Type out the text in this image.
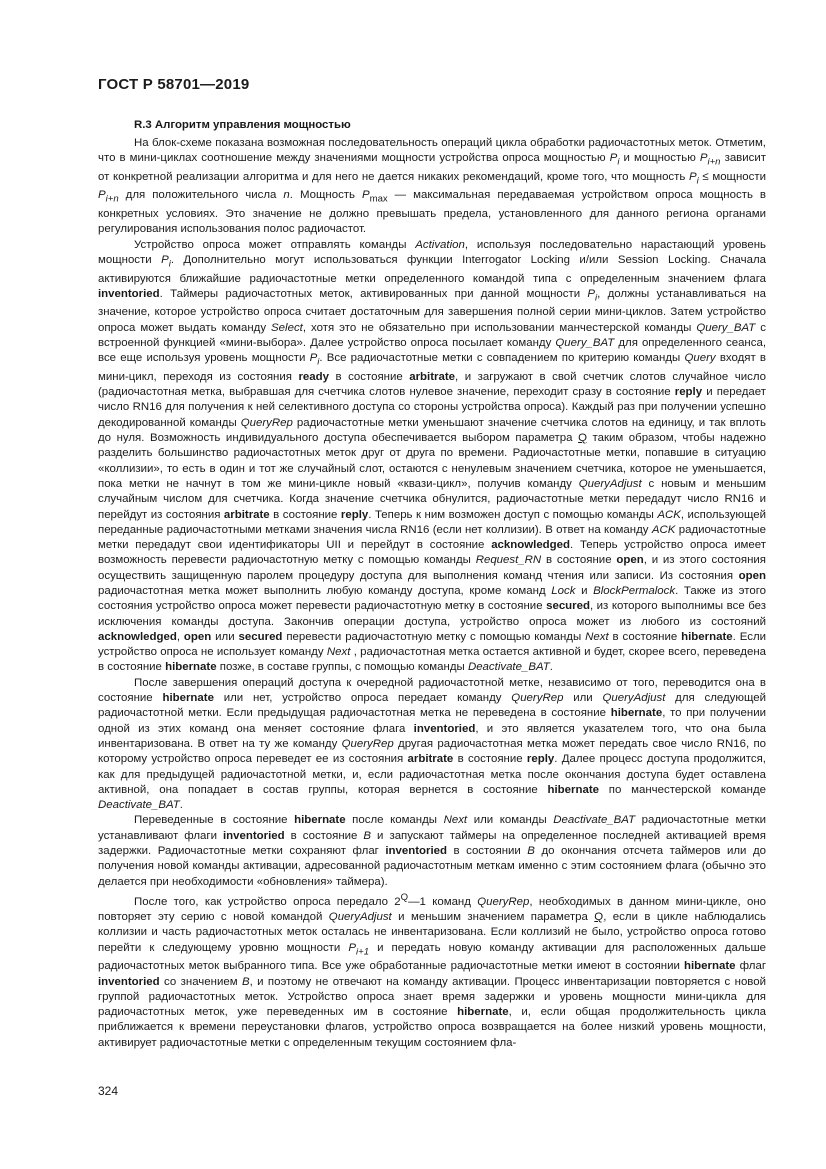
ГОСТ Р 58701—2019
R.3 Алгоритм управления мощностью

На блок-схеме показана возможная последовательность операций цикла обработки радиочастотных меток. Отметим, что в мини-циклах соотношение между значениями мощности устройства опроса мощностью $P_i$ и мощностью $P_{i+n}$ зависит от конкретной реализации алгоритма и для него не дается никаких рекомендаций, кроме того, что мощность $P_i$ ≤ мощности $P_{i+n}$ для положительного числа n. Мощность $P_{max}$ — максимальная передаваемая устройством опроса мощность в конкретных условиях. Это значение не должно превышать предела, установленного для данного региона органами регулирования использования полос радиочастот.

Устройство опроса может отправлять команды Activation, используя последовательно нарастающий уровень мощности $P_i$. Дополнительно могут использоваться функции Interrogator Locking и/или Session Locking. Сначала активируются ближайшие радиочастотные метки определенного командой типа с определенным значением флага inventoried. Таймеры радиочастотных меток, активированных при данной мощности $P_i$, должны устанавливаться на значение, которое устройство опроса считает достаточным для завершения полной серии мини-циклов. Затем устройство опроса может выдать команду Select, хотя это не обязательно при использовании манчестерской команды Query_BAT с встроенной функцией «мини-выбора». Далее устройство опроса посылает команду Query_BAT для определенного сеанса, все еще используя уровень мощности $P_i$. Все радиочастотные метки с совпадением по критерию команды Query входят в мини-цикл, переходя из состояния ready в состояние arbitrate, и загружают в свой счетчик слотов случайное число (радиочастотная метка, выбравшая для счетчика слотов нулевое значение, переходит сразу в состояние reply и передает число RN16 для получения к ней селективного доступа со стороны устройства опроса). Каждый раз при получении успешно декодированной команды QueryRep радиочастотные метки уменьшают значение счетчика слотов на единицу, и так вплоть до нуля. Возможность индивидуального доступа обеспечивается выбором параметра Q таким образом, чтобы надежно разделить большинство радиочастотных меток друг от друга по времени. Радиочастотные метки, попавшие в ситуацию «коллизии», то есть в один и тот же случайный слот, остаются с ненулевым значением счетчика, которое не уменьшается, пока метки не начнут в том же мини-цикле новый «квази-цикл», получив команду QueryAdjust с новым и меньшим случайным числом для счетчика. Когда значение счетчика обнулится, радиочастотные метки передадут число RN16 и перейдут из состояния arbitrate в состояние reply. Теперь к ним возможен доступ с помощью команды ACK, использующей переданные радиочастотными метками значения числа RN16 (если нет коллизии). В ответ на команду ACK радиочастотные метки передадут свои идентификаторы UII и перейдут в состояние acknowledged. Теперь устройство опроса имеет возможность перевести радиочастотную метку с помощью команды Request_RN в состояние open, и из этого состояния осуществить защищенную паролем процедуру доступа для выполнения команд чтения или записи. Из состояния open радиочастотная метка может выполнить любую команду доступа, кроме команд Lock и BlockPermalock. Также из этого состояния устройство опроса может перевести радиочастотную метку в состояние secured, из которого выполнимы все без исключения команды доступа. Закончив операции доступа, устройство опроса может из любого из состояний acknowledged, open или secured перевести радиочастотную метку с помощью команды Next в состояние hibernate. Если устройство опроса не использует команду Next , радиочастотная метка остается активной и будет, скорее всего, переведена в состояние hibernate позже, в составе группы, с помощью команды Deactivate_BAT.

После завершения операций доступа к очередной радиочастотной метке, независимо от того, переводится она в состояние hibernate или нет, устройство опроса передает команду QueryRep или QueryAdjust для следующей радиочастотной метки. Если предыдущая радиочастотная метка не переведена в состояние hibernate, то при получении одной из этих команд она меняет состояние флага inventoried, и это является указателем того, что она была инвентаризована. В ответ на ту же команду QueryRep другая радиочастотная метка может передать свое число RN16, по которому устройство опроса переведет ее из состояния arbitrate в состояние reply. Далее процесс доступа продолжится, как для предыдущей радиочастотной метки, и, если радиочастотная метка после окончания доступа будет оставлена активной, она попадает в состав группы, которая вернется в состояние hibernate по манчестерской команде Deactivate_BAT.

Переведенные в состояние hibernate после команды Next или команды Deactivate_BAT радиочастотные метки устанавливают флаги inventoried в состояние B и запускают таймеры на определенное последней активацией время задержки. Радиочастотные метки сохраняют флаг inventoried в состоянии B до окончания отсчета таймеров или до получения новой команды активации, адресованной радиочастотным меткам именно с этим состоянием флага (обычно это делается при необходимости «обновления» таймера).

После того, как устройство опроса передало $2^Q—1$ команд QueryRep, необходимых в данном мини-цикле, оно повторяет эту серию с новой командой QueryAdjust и меньшим значением параметра Q, если в цикле наблюдались коллизии и часть радиочастотных меток осталась не инвентаризована. Если коллизий не было, устройство опроса готово перейти к следующему уровню мощности $P_{i+1}$ и передать новую команду активации для расположенных дальше радиочастотных меток выбранного типа. Все уже обработанные радиочастотные метки имеют в состоянии hibernate флаг inventoried со значением B, и поэтому не отвечают на команду активации. Процесс инвентаризации повторяется с новой группой радиочастотных меток. Устройство опроса знает время задержки и уровень мощности мини-цикла для радиочастотных меток, уже переведенных им в состояние hibernate, и, если общая продолжительность цикла приближается к времени переустановки флагов, устройство опроса возвращается на более низкий уровень мощности, активирует радиочастотные метки с определенным текущим состоянием фла-

324
